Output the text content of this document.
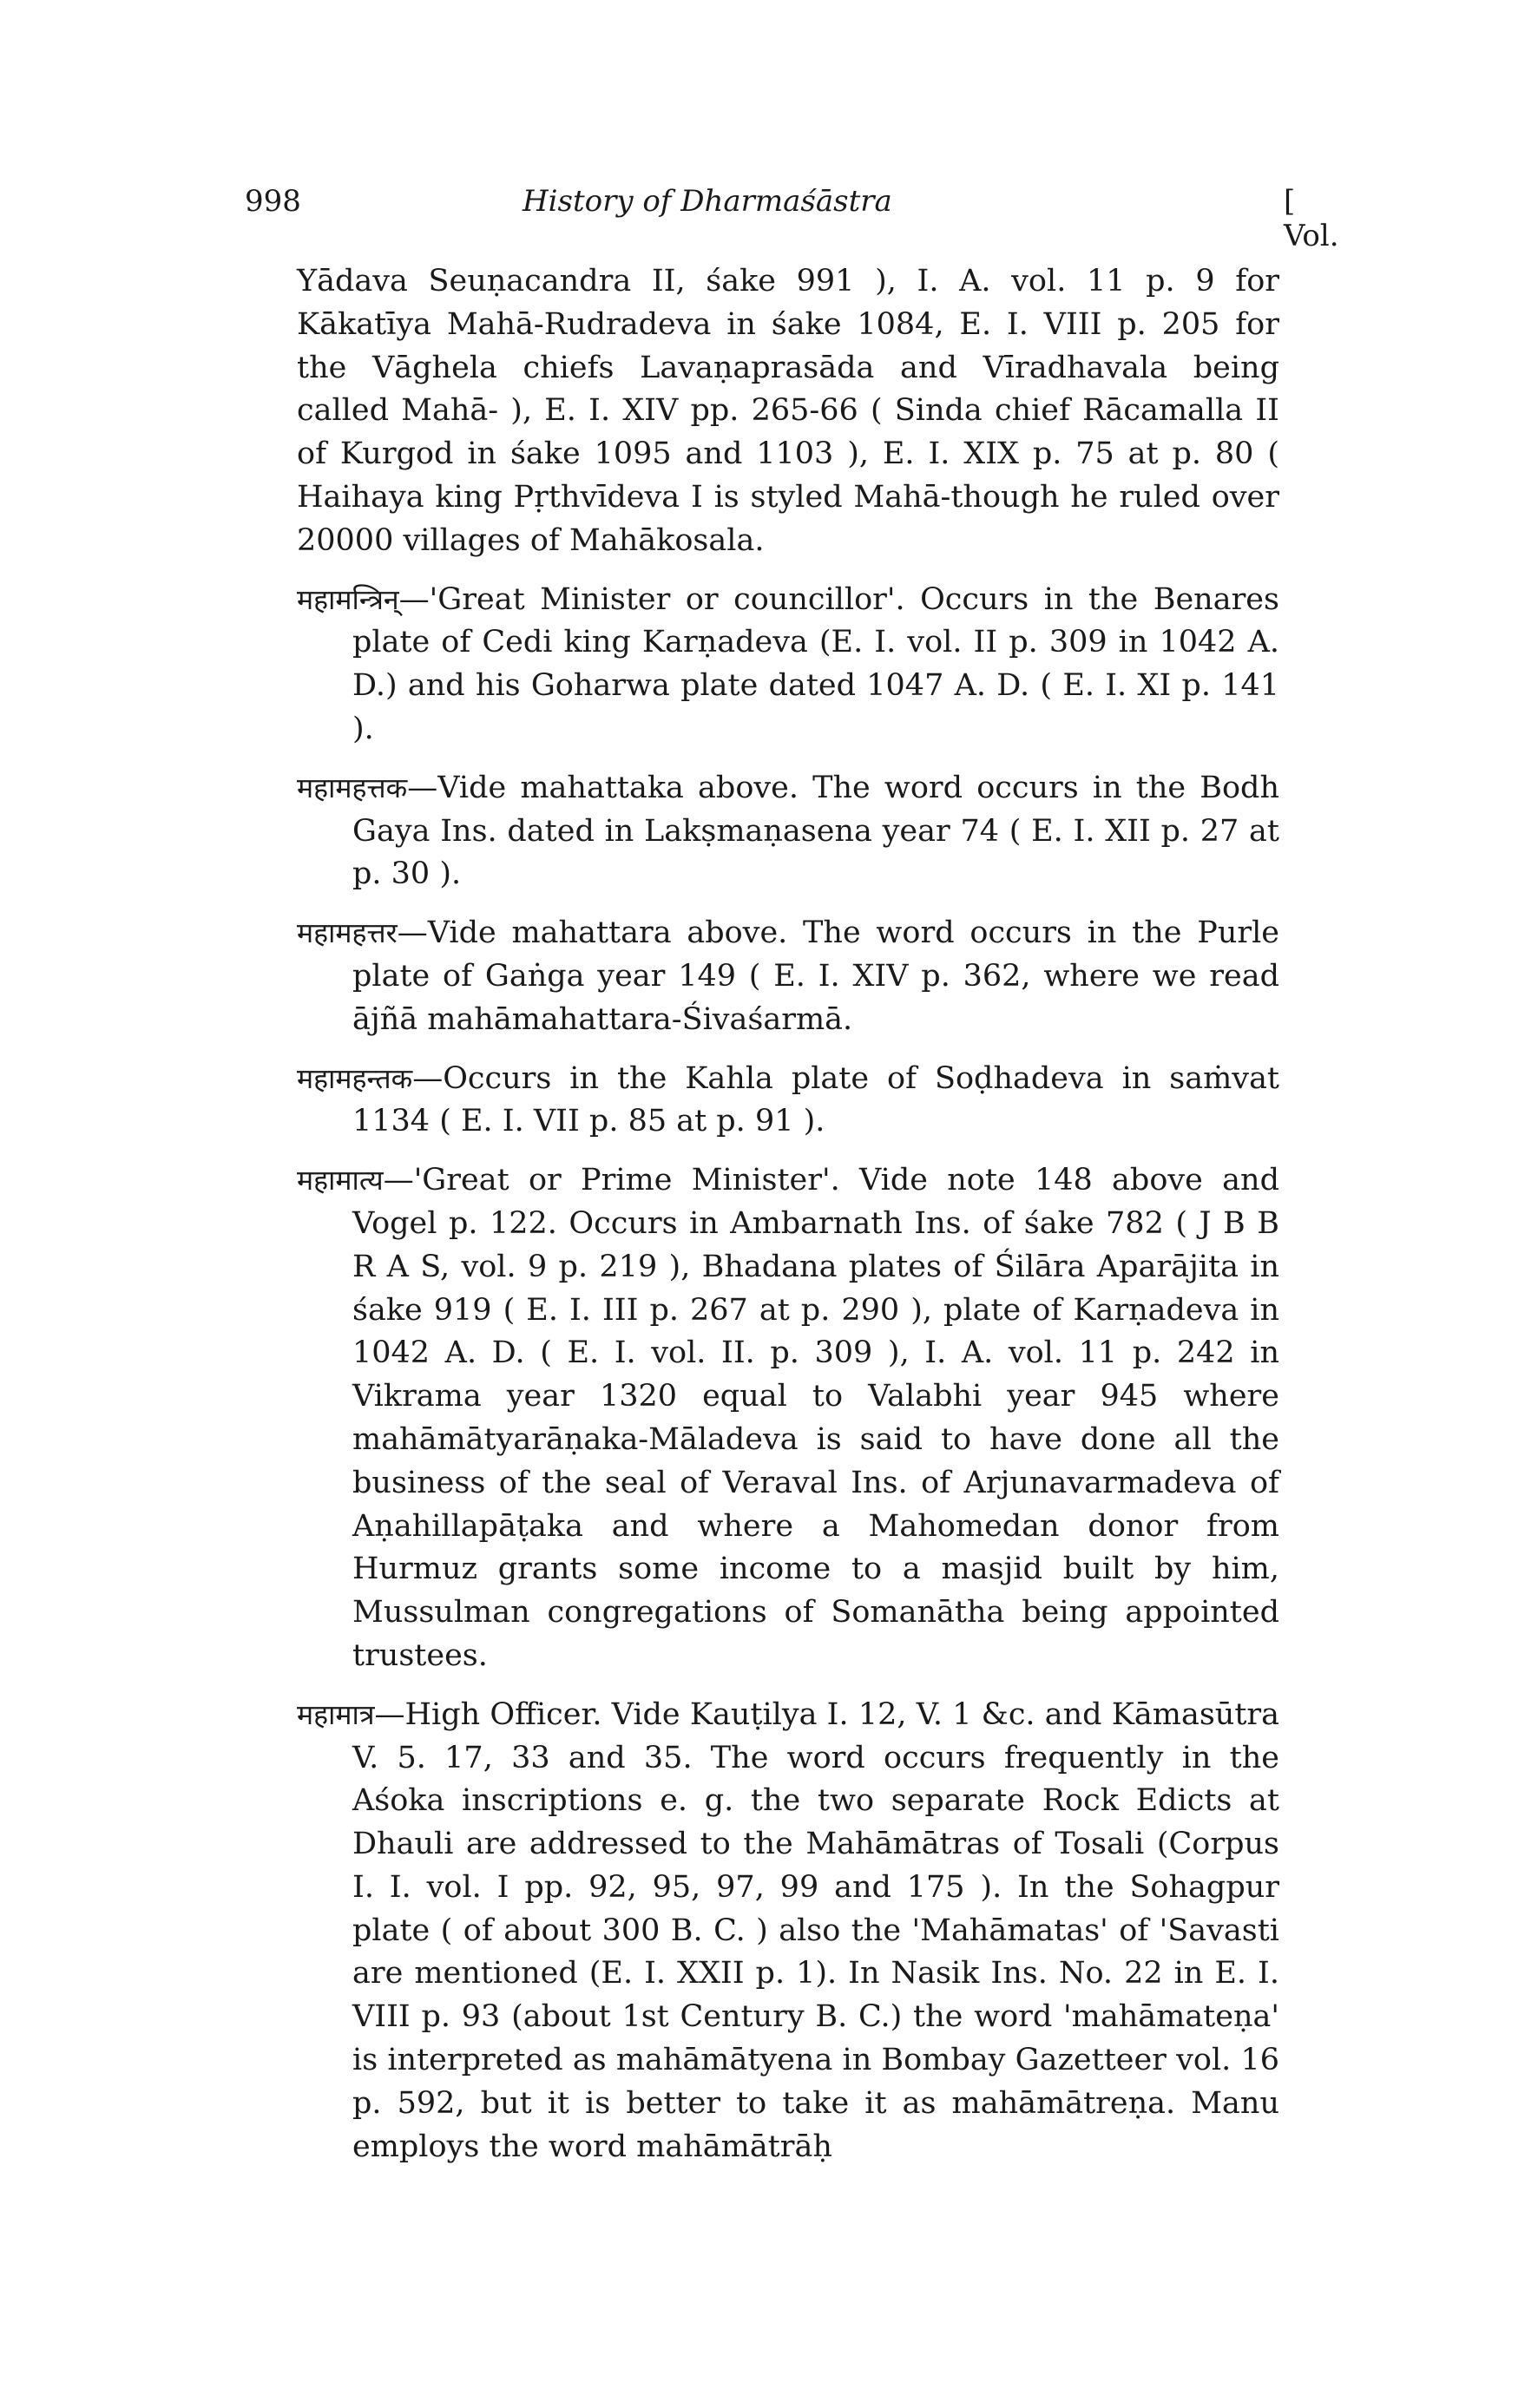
998	History of Dharmaśāstra	[ Vol.

Yādava Seuṇacandra II, śake 991 ), I. A. vol. 11 p. 9 for Kākatīya Mahā-Rudradeva in śake 1084, E. I. VIII p. 205 for the Vāghela chiefs Lavaṇaprasāda and Vīradhavala being called Mahā- ), E. I. XIV pp. 265-66 ( Sinda chief Rācamalla II of Kurgod in śake 1095 and 1103 ), E. I. XIX p. 75 at p. 80 ( Haihaya king Pṛthvīdeva I is styled Mahā-though he ruled over 20000 villages of Mahākosala.

महामन्त्रिन्—'Great Minister or councillor'. Occurs in the Benares plate of Cedi king Karṇadeva (E. I. vol. II p. 309 in 1042 A. D.) and his Goharwa plate dated 1047 A. D. ( E. I. XI p. 141 ).

महामहत्तक—Vide mahattaka above. The word occurs in the Bodh Gaya Ins. dated in Lakṣmaṇasena year 74 ( E. I. XII p. 27 at p. 30 ).

महामहत्तर—Vide mahattara above. The word occurs in the Purle plate of Gaṅga year 149 ( E. I. XIV p. 362, where we read ājñā mahāmahattara-Śivaśarmā.

महामहन्तक—Occurs in the Kahla plate of Soḍhadeva in saṁvat 1134 ( E. I. VII p. 85 at p. 91 ).

महामात्य—'Great or Prime Minister'. Vide note 148 above and Vogel p. 122. Occurs in Ambarnath Ins. of śake 782 ( J B B R A S, vol. 9 p. 219 ), Bhadana plates of Śilāra Aparājita in śake 919 ( E. I. III p. 267 at p. 290 ), plate of Karṇadeva in 1042 A. D. ( E. I. vol. II. p. 309 ), I. A. vol. 11 p. 242 in Vikrama year 1320 equal to Valabhi year 945 where mahāmātyarāṇaka-Māladeva is said to have done all the business of the seal of Veraval Ins. of Arjunavarmadeva of Aṇahillapāṭaka and where a Mahomedan donor from Hurmuz grants some income to a masjid built by him, Mussulman congregations of Somanātha being appointed trustees.

महामात्र—High Officer. Vide Kauṭilya I. 12, V. 1 &c. and Kāmasūtra V. 5. 17, 33 and 35. The word occurs frequently in the Aśoka inscriptions e. g. the two separate Rock Edicts at Dhauli are addressed to the Mahāmātras of Tosali (Corpus I. I. vol. I pp. 92, 95, 97, 99 and 175 ). In the Sohagpur plate ( of about 300 B. C. ) also the 'Mahāmatas' of 'Savasti are mentioned (E. I. XXII p. 1). In Nasik Ins. No. 22 in E. I. VIII p. 93 (about 1st Century B. C.) the word 'mahāmateṇa' is interpreted as mahāmātyena in Bombay Gazetteer vol. 16 p. 592, but it is better to take it as mahāmātreṇa. Manu employs the word mahāmātrāḥ
